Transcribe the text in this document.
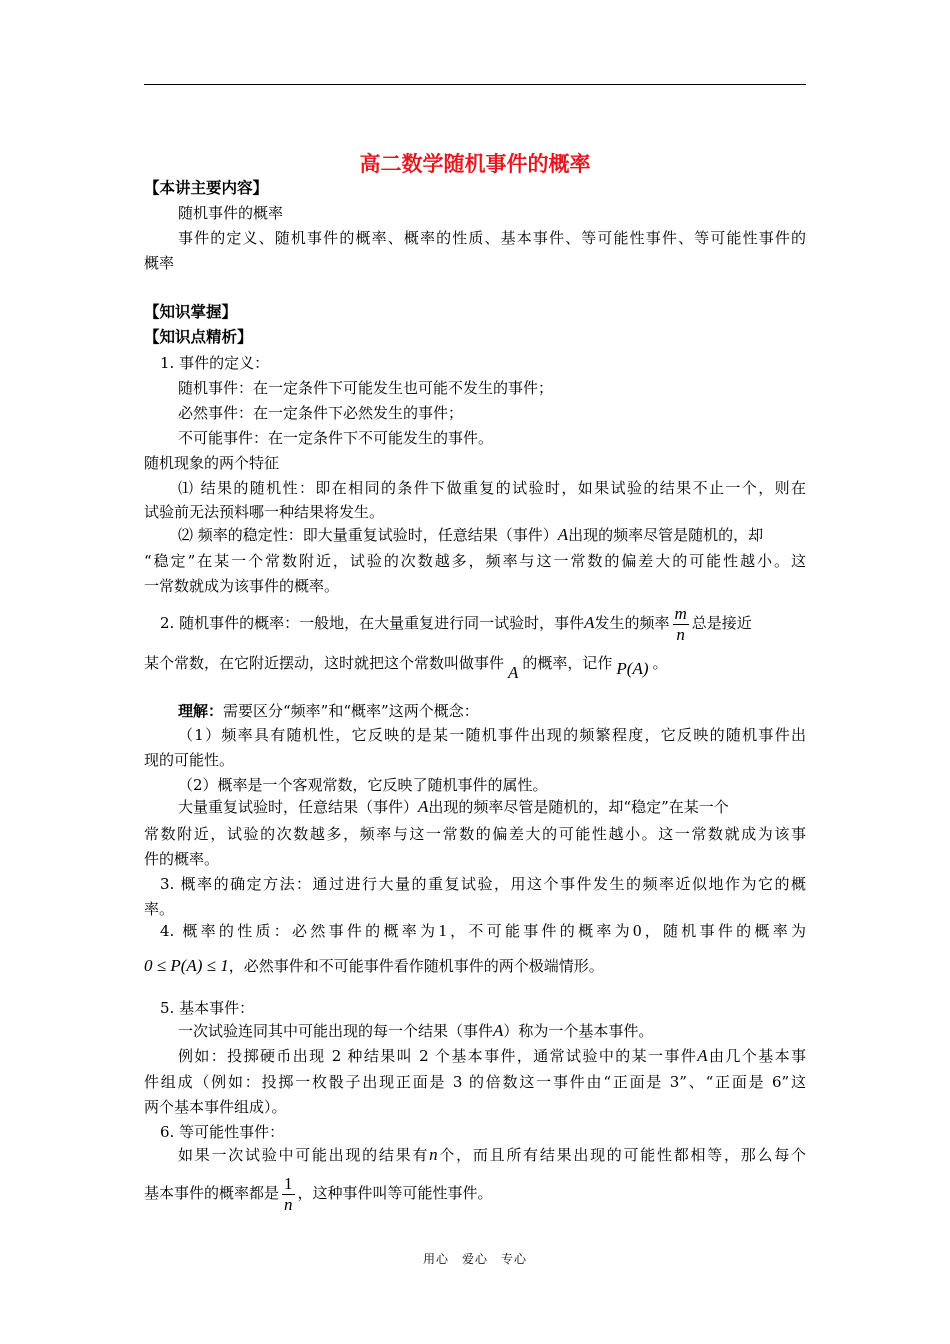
高二数学随机事件的概率
【本讲主要内容】
随机事件的概率
事件的定义、随机事件的概率、概率的性质、基本事件、等可能性事件、等可能性事件的
概率
【知识掌握】
【知识点精析】
1. 事件的定义：
随机事件：在一定条件下可能发生也可能不发生的事件；
必然事件：在一定条件下必然发生的事件；
不可能事件：在一定条件下不可能发生的事件。
随机现象的两个特征
⑴ 结果的随机性：即在相同的条件下做重复的试验时，如果试验的结果不止一个，则在
试验前无法预料哪一种结果将发生。
⑵ 频率的稳定性：即大量重复试验时，任意结果（事件）A出现的频率尽管是随机的，却
“稳定”在某一个常数附近，试验的次数越多，频率与这一常数的偏差大的可能性越小。这
一常数就成为该事件的概率。
2. 随机事件的概率：一般地，在大量重复进行同一试验时，事件A发生的频率 $\frac{m}{n}$ 总是接近
某个常数，在它附近摆动，这时就把这个常数叫做事件 A 的概率，记作 P(A) 。
理解：需要区分“频率”和“概率”这两个概念：
（1）频率具有随机性，它反映的是某一随机事件出现的频繁程度，它反映的随机事件出
现的可能性。
（2）概率是一个客观常数，它反映了随机事件的属性。
大量重复试验时，任意结果（事件）A出现的频率尽管是随机的，却“稳定”在某一个
常数附近，试验的次数越多，频率与这一常数的偏差大的可能性越小。这一常数就成为该事
件的概率。
3. 概率的确定方法：通过进行大量的重复试验，用这个事件发生的频率近似地作为它的概
率。
4. 概率的性质：必然事件的概率为1，不可能事件的概率为0，随机事件的概率为
0 ≤ P(A) ≤ 1，必然事件和不可能事件看作随机事件的两个极端情形。
5. 基本事件：
一次试验连同其中可能出现的每一个结果（事件A）称为一个基本事件。
例如：投掷硬币出现 2 种结果叫 2 个基本事件，通常试验中的某一事件A由几个基本事
件组成（例如：投掷一枚骰子出现正面是 3 的倍数这一事件由“正面是 3”、“正面是 6”这
两个基本事件组成）。
6. 等可能性事件：
如果一次试验中可能出现的结果有n个，而且所有结果出现的可能性都相等，那么每个
基本事件的概率都是 $\frac{1}{n}$ ，这种事件叫等可能性事件。
用心　爱心　专心
